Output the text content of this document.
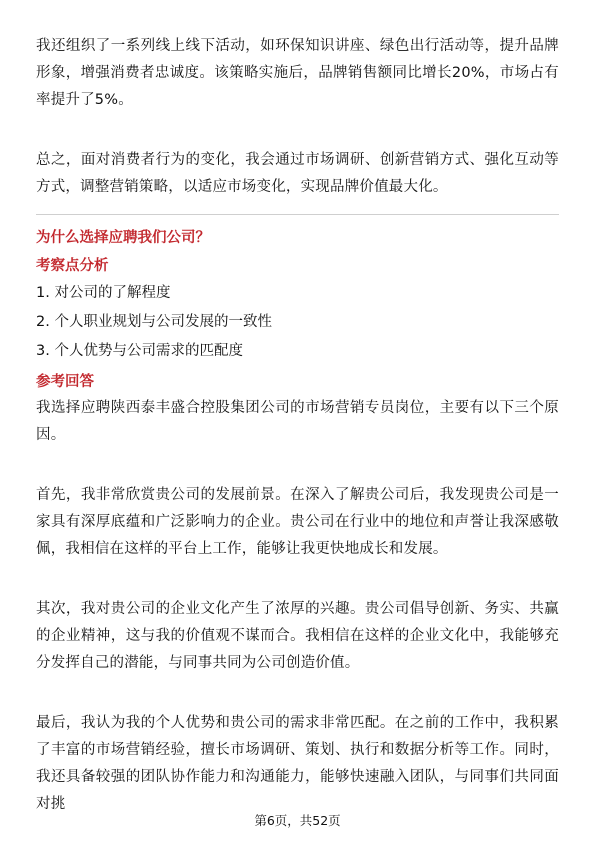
我还组织了一系列线上线下活动，如环保知识讲座、绿色出行活动等，提升品牌形象，增强消费者忠诚度。该策略实施后，品牌销售额同比增长20%，市场占有率提升了5%。

总之，面对消费者行为的变化，我会通过市场调研、创新营销方式、强化互动等方式，调整营销策略，以适应市场变化，实现品牌价值最大化。

为什么选择应聘我们公司？

考察点分析

1. 对公司的了解程度

2. 个人职业规划与公司发展的一致性

3. 个人优势与公司需求的匹配度

参考回答

我选择应聘陕西泰丰盛合控股集团公司的市场营销专员岗位，主要有以下三个原因。

首先，我非常欣赏贵公司的发展前景。在深入了解贵公司后，我发现贵公司是一家具有深厚底蕴和广泛影响力的企业。贵公司在行业中的地位和声誉让我深感敬佩，我相信在这样的平台上工作，能够让我更快地成长和发展。

其次，我对贵公司的企业文化产生了浓厚的兴趣。贵公司倡导创新、务实、共赢的企业精神，这与我的价值观不谋而合。我相信在这样的企业文化中，我能够充分发挥自己的潜能，与同事共同为公司创造价值。

最后，我认为我的个人优势和贵公司的需求非常匹配。在之前的工作中，我积累了丰富的市场营销经验，擅长市场调研、策划、执行和数据分析等工作。同时，我还具备较强的团队协作能力和沟通能力，能够快速融入团队，与同事们共同面对挑

第6页，共52页
